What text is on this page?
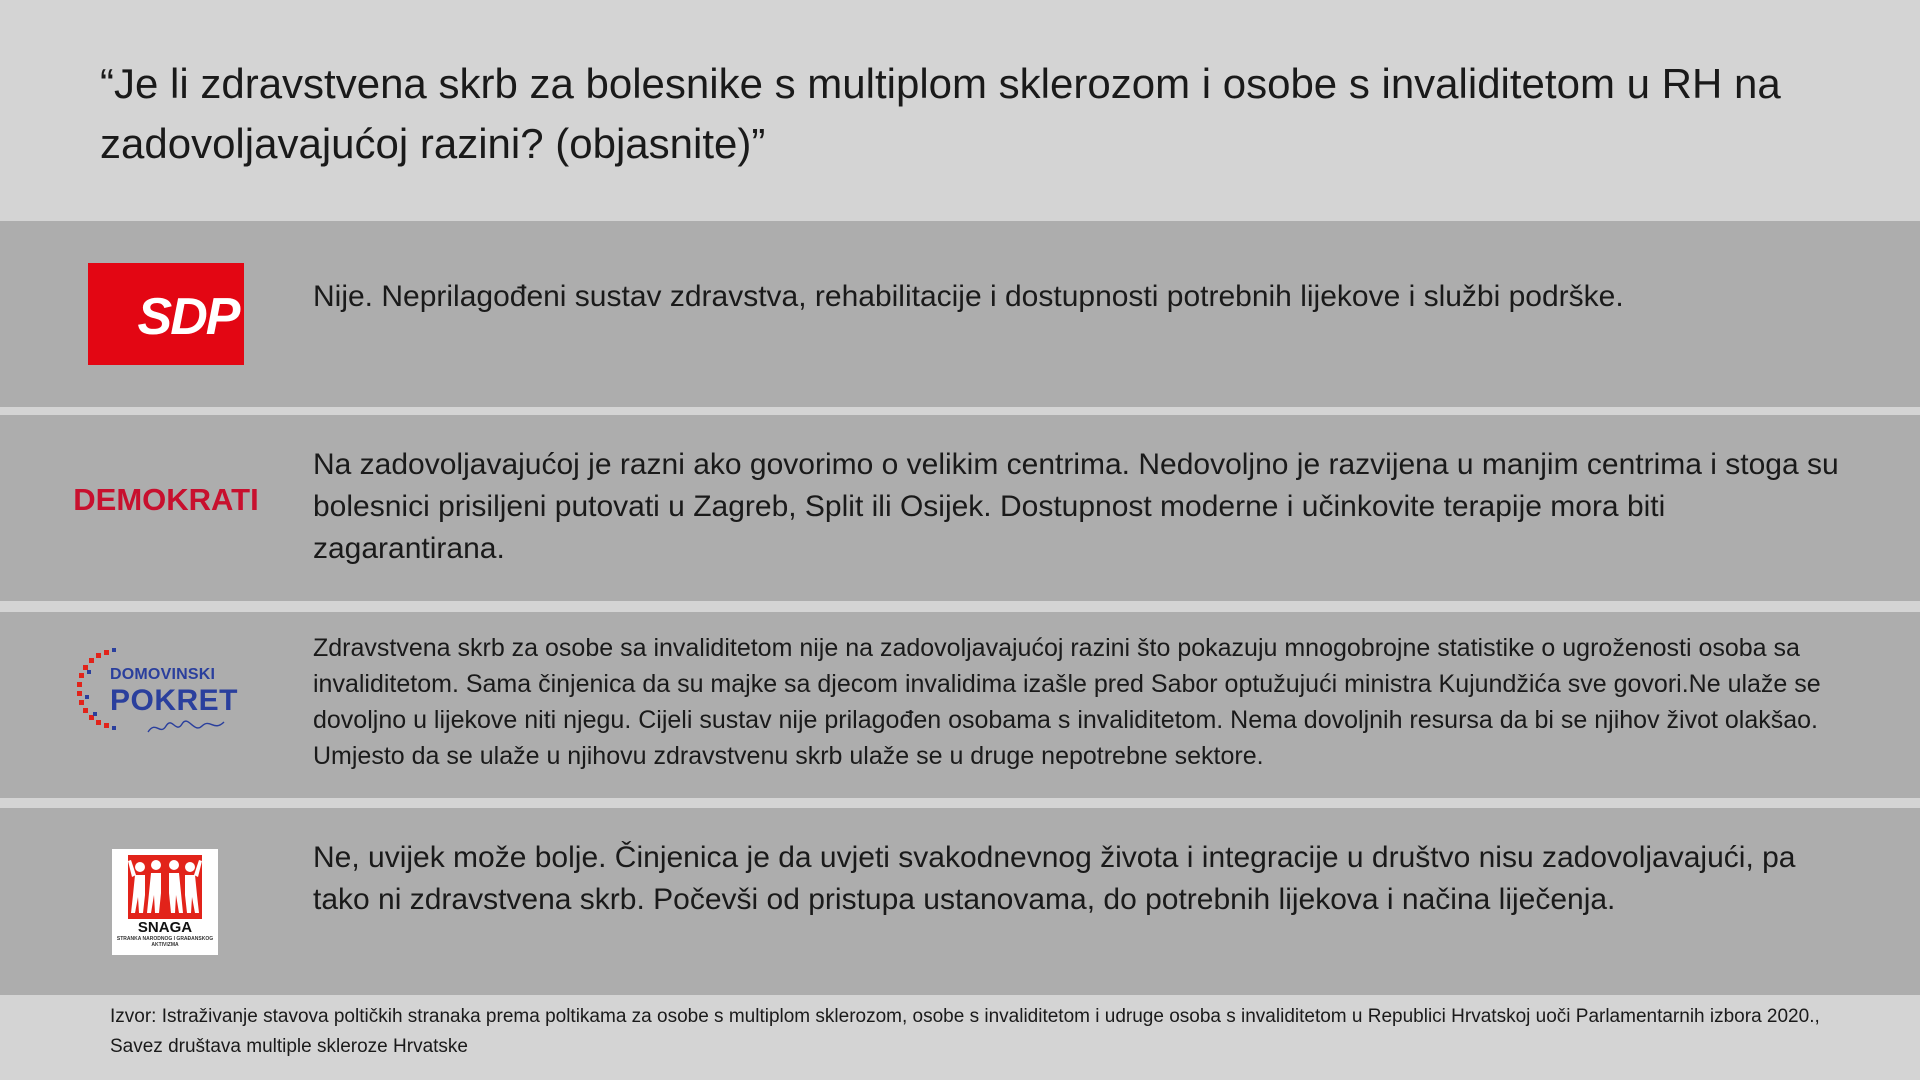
“Je li zdravstvena skrb za bolesnike s multiplom sklerozom i osobe s invaliditetom u RH na zadovoljavajućoj razini? (objasnite)”
Nije. Neprilagođeni sustav zdravstva, rehabilitacije i dostupnosti potrebnih lijekove i službi podrške.
Na zadovoljavajućoj je razni ako govorimo o velikim centrima. Nedovoljno je razvijena u manjim centrima i stoga su bolesnici prisiljeni putovati u Zagreb, Split ili Osijek. Dostupnost moderne i učinkovite terapije mora biti zagarantirana.
Zdravstvena skrb za osobe sa invaliditetom nije na zadovoljavajućoj razini što pokazuju mnogobrojne statistike o ugroženosti osoba sa invaliditetom. Sama činjenica da su majke sa djecom invalidima izašle pred Sabor optužujući ministra Kujundžića sve govori.Ne ulaže se dovoljno u lijekove niti njegu. Cijeli sustav nije prilagođen osobama s invaliditetom. Nema dovoljnih resursa da bi se njihov život olakšao. Umjesto da se ulaže u njihovu zdravstvenu skrb ulaže se u druge nepotrebne sektore.
Ne, uvijek može bolje. Činjenica je da uvjeti svakodnevnog života i integracije u društvo nisu zadovoljavajući, pa tako ni zdravstvena skrb. Počevši od pristupa ustanovama, do potrebnih lijekova i načina liječenja.
SDP
DEMOKRATI
DOMOVINSKI
POKRET
SNAGA
STRANKA NARODNOG I GRAĐANSKOG AKTIVIZMA
Izvor: Istraživanje stavova poltičkih stranaka prema poltikama za osobe s multiplom sklerozom, osobe s invaliditetom i udruge osoba s invaliditetom u Republici Hrvatskoj uoči Parlamentarnih izbora 2020., Savez društava multiple skleroze Hrvatske
